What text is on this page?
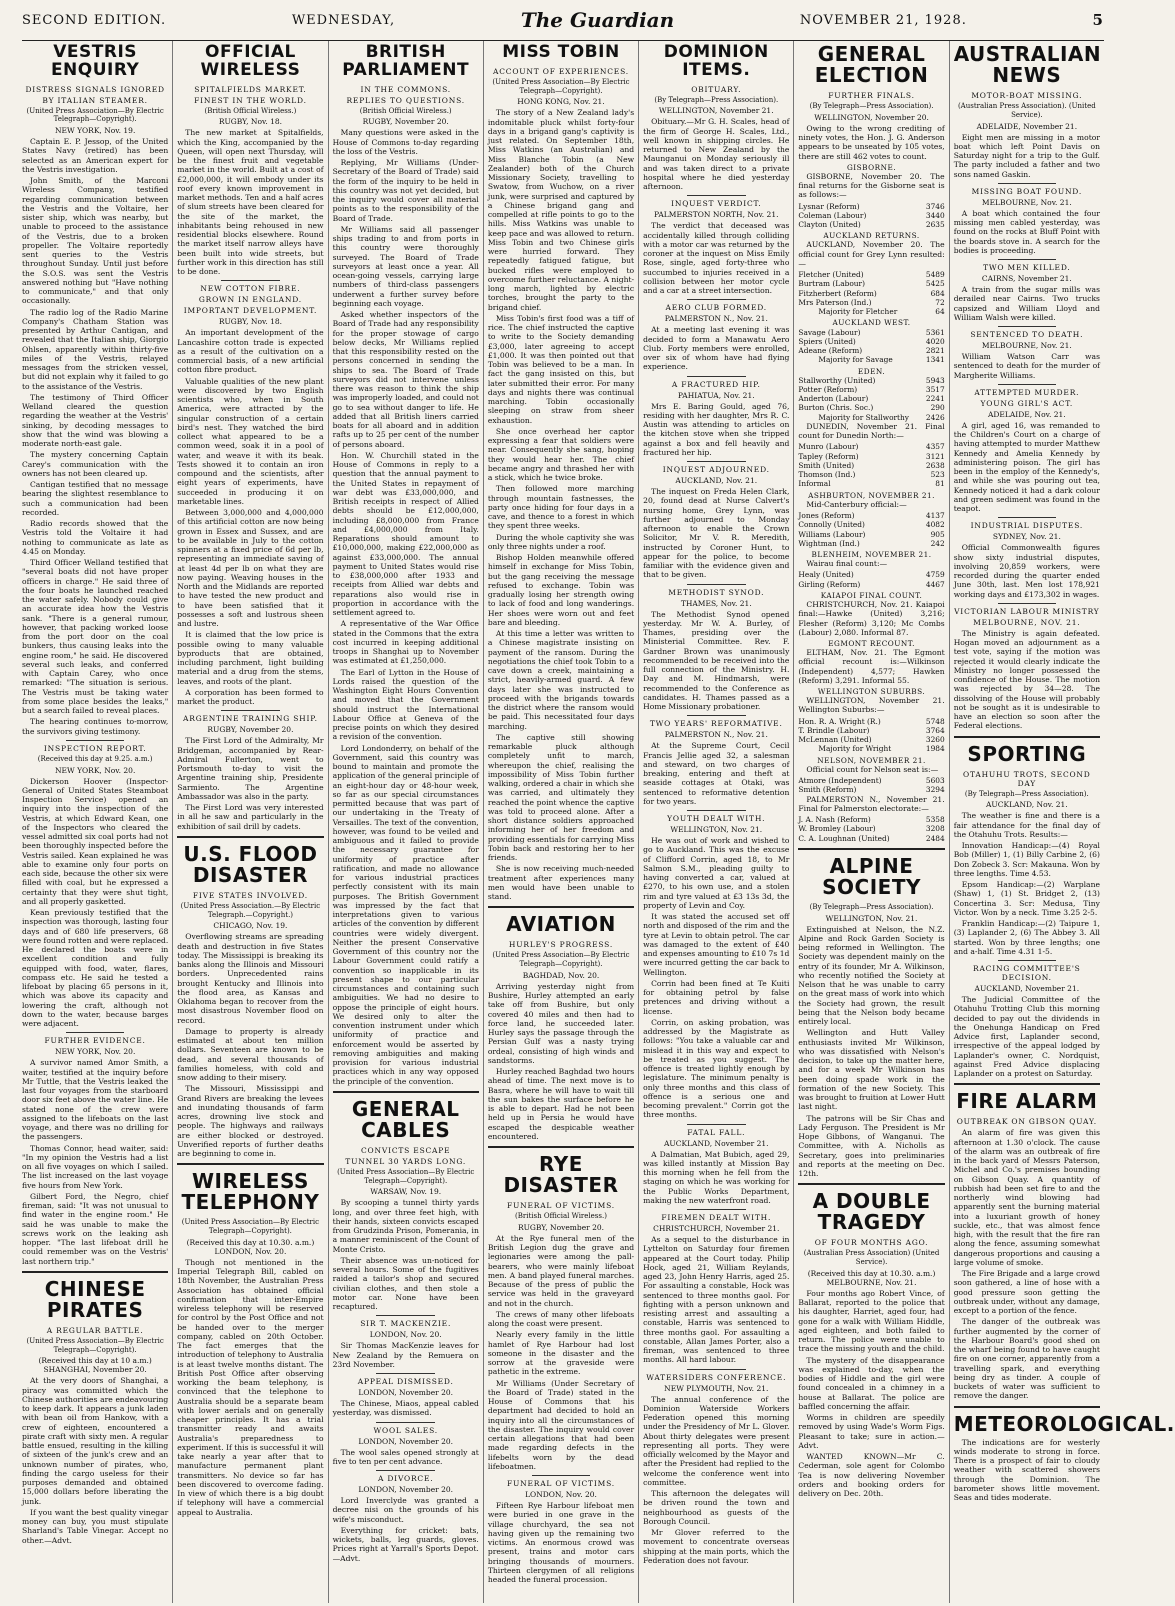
SECOND EDITION.	WEDNESDAY,	The Guardian	NOVEMBER 21, 1928.	5
VESTRIS ENQUIRY
DISTRESS SIGNALS IGNORED
BY ITALIAN STEAMER.
(United Press Association—By Electric Telegraph—Copyright).
NEW YORK, Nov. 19.

Captain E. P. Jessop, of the United States Navy (retired) has been selected as an American expert for the Vestris investigation.

John Smith, of the Marconi Wireless Company, testified regarding communication between the Vestris and the Voltaire, her sister ship, which was nearby, but unable to proceed to the assistance of the Vestris, due to a broken propeller. The Voltaire reportedly sent queries to the Vestris throughout Sunday. Until just before the S.O.S. was sent the Vestris answered nothing but "Have nothing to communicate," and that only occasionally.

The radio log of the Radio Marine Company's Chatham Station was presented by Arthur Cantigan, and revealed that the Italian ship, Giorgio Ohlsen, apparently within thirty-five miles of the Vestris, relayed messages from the stricken vessel, but did not explain why it failed to go to the assistance of the Vestris.

The testimony of Third Officer Welland cleared the question regarding the weather at the Vestris' sinking, by decoding messages to show that the wind was blowing a moderate north-east gale.

The mystery concerning Captain Carey's communication with the owners has not been cleared up.

Cantigan testified that no message bearing the slightest resemblance to such a communication had been recorded.

Radio records showed that the Vestris told the Voltaire it had nothing to communicate as late as 4.45 on Monday.

Third Officer Welland testified that "several boats did not have proper officers in charge." He said three of the four boats he launched reached the water safely. Nobody could give an accurate idea how the Vestris sank. "There is a general rumour, however, that packing worked loose from the port door on the coal bunkers, thus causing leaks into the engine room," he said. He discovered several such leaks, and conferred with Captain Carey, who once remarked: "The situation is serious. The Vestris must be taking water from some place besides the leaks," but a search failed to reveal places.

The hearing continues to-morrow, the survivors giving testimony.

INSPECTION REPORT.
(Received this day at 9.25. a.m.)
NEW YORK, Nov. 20.

Dickerson Hoover (Inspector-General of United States Steamboat Inspection Service) opened an inquiry into the inspection of the Vestris, at which Edward Kean, one of the Inspectors who cleared the vessel admitted six coal ports had not been thoroughly inspected before the Vestris sailed. Kean explained he was able to examine only four ports on each side, because the other six were filled with coal, but he expressed a certainty that they were shut tight, and all properly gasketted.

Kean previously testified that the inspection was thorough, lasting four days and of 680 life preservers, 68 were found rotten and were replaced. He declared the boats were in excellent condition and fully equipped with food, water, flares, compass etc. He said he tested a lifeboat by placing 65 persons in it, which was above its capacity and lowering the craft, although not down to the water, because barges were adjacent.

FURTHER EVIDENCE.
NEW YORK, Nov. 20.

A survivor named Amor Smith, a waiter, testified at the inquiry before Mr Tuttle, that the Vestris leaked the last four voyages from the starboard door six feet above the water line. He stated none of the crew were assigned to the lifeboats on the last voyage, and there was no drilling for the passengers.

Thomas Connor, head waiter, said: "In my opinion the Vestris had a list on all five voyages on which I sailed. The list increased on the last voyage five hours from New York.

Gilbert Ford, the Negro, chief fireman, said: "It was not unusual to find water in the engine room." He said he was unable to make the screws work on the leaking ash hopper. "The last lifeboat drill he could remember was on the Vestris' last northern trip."

CHINESE PIRATES
A REGULAR BATTLE.
(United Press Association—By Electric Telegraph—Copyright).
(Received this day at 10 a.m.) SHANGHAI, November 20.

At the very doors of Shanghai, a piracy was committed which the Chinese authorities are endeavouring to keep dark. It appears a junk laden with bean oil from Hankow, with a crew of eighteen, encountered a pirate craft with sixty men. A regular battle ensued, resulting in the killing of sixteen of the junk's crew and an unknown number of pirates, who, finding the cargo useless for their purposes demanded and obtained 15,000 dollars before liberating the junk.

If you want the best quality vinegar money can buy, you must stipulate Sharland's Table Vinegar. Accept no other.—Advt.

OFFICIAL WIRELESS
SPITALFIELDS MARKET.
FINEST IN THE WORLD.
(British Official Wireless.)
RUGBY, Nov. 18.

The new market at Spitalfields, which the King, accompanied by the Queen, will open next Thursday, will be the finest fruit and vegetable market in the world. Built at a cost of £2,000,000, it will embody under its roof every known improvement in market methods. Ten and a half acres of slum streets have been cleared for the site of the market, the inhabitants being rehoused in new residential blocks elsewhere. Round the market itself narrow alleys have been built into wide streets, but further work in this direction has still to be done.

NEW COTTON FIBRE.
GROWN IN ENGLAND.
IMPORTANT DEVELOPMENT.
RUGBY, Nov. 18.

An important development of the Lancashire cotton trade is expected as a result of the cultivation on a commercial basis, of a new artificial cotton fibre product.

Valuable qualities of the new plant were discovered by two English scientists who, when in South America, were attracted by the singular construction of a certain bird's nest. They watched the bird collect what appeared to be a common weed, soak it in a pool of water, and weave it with its beak. Tests showed it to contain an iron compound and the scientists, after eight years of experiments, have succeeded in producing it on marketable lines.

Between 3,000,000 and 4,000,000 of this artificial cotton are now being grown in Essex and Sussex, and are to be available in July to the cotton spinners at a fixed price of 6d per lb, representing an immediate saving of at least 4d per lb on what they are now paying. Weaving houses in the North and the Midlands are reported to have tested the new product and to have been satisfied that it possesses a soft and lustrous sheen and lustre.

It is claimed that the low price is possible owing to many valuable byproducts that are obtained, including parchment, light building material and a drug from the stems, leaves, and roots of the plant.

A corporation has been formed to market the product.

ARGENTINE TRAINING SHIP.
RUGBY, November 20.

The First Lord of the Admiralty, Mr Bridgeman, accompanied by Rear-Admiral Fullerton, went to Portsmouth to-day to visit the Argentine training ship, Presidente Sarmiento. The Argentine Ambassador was also in the party.

The First Lord was very interested in all he saw and particularly in the exhibition of sail drill by cadets.

U.S. FLOOD DISASTER
FIVE STATES INVOLVED.
(United Press Association.—By Electric Telegraph.—Copyright.)
CHICAGO, Nov. 19.

Overflowing streams are spreading death and destruction in five States today. The Mississippi is breaking its banks along the Illinois and Missouri borders. Unprecedented rains brought Kentucky and Illinois into the flood area, as Kansas and Oklahoma began to recover from the most disastrous November flood on record.

Damage to property is already estimated at about ten million dollars. Seventeen are known to be dead, and several thousands of families homeless, with cold and snow adding to their misery.

The Missouri, Mississippi and Grand Rivers are breaking the levees and inundating thousands of farm acres, drowning live stock and people. The highways and railways are either blocked or destroyed. Unverified reports of further deaths are beginning to come in.

WIRELESS TELEPHONY
(United Press Association—By Electric Telegraph—Copyright).
(Received this day at 10.30. a.m.) LONDON, Nov. 20.

Though not mentioned in the Imperial Telegraph Bill, cabled on 18th November, the Australian Press Association has obtained official confirmation that inter-Empire wireless telephony will be reserved for control by the Post Office and not be handed over to the merger company, cabled on 20th October. The fact emerges that the introduction of telephony to Australia is at least twelve months distant. The British Post Office after observing working the beam telephony, is convinced that the telephone to Australia should be a separate beam with lower aerials and on generally cheaper principles. It has a trial transmitter ready and awaits Australia's preparedness to experiment. If this is successful it will take nearly a year after that to manufacture permanent plant transmitters. No device so far has been discovered to overcome fading. In view of which there is a big doubt if telephony will have a commercial appeal to Australia.

BRITISH PARLIAMENT
IN THE COMMONS.
REPLIES TO QUESTIONS.
(British Official Wireless.)
RUGBY, November 20.

Many questions were asked in the House of Commons to-day regarding the loss of the Vestris.

Replying, Mr Williams (Under-Secretary of the Board of Trade) said the form of the inquiry to be held in this country was not yet decided, but the inquiry would cover all material points as to the responsibility of the Board of Trade.

Mr Williams said all passenger ships trading to and from ports in this country were thoroughly surveyed. The Board of Trade surveyors at least once a year. All ocean-going vessels, carrying large numbers of third-class passengers underwent a further survey before beginning each voyage.

Asked whether inspectors of the Board of Trade had any responsibility for the proper stowage of cargo below decks, Mr Williams replied that this responsibility rested on the persons concerned in sending the ships to sea. The Board of Trade surveyors did not intervene unless there was reason to think the ship was improperly loaded, and could not go to sea without danger to life. He added that all British liners carried boats for all aboard and in addition rafts up to 25 per cent of the number of persons aboard.

Hon. W. Churchill stated in the House of Commons in reply to a question that the annual payment to the United States in repayment of war debt was £33,000,000, and British receipts in respect of Allied debts should be £12,000,000, including £8,000,000 from France and £4,000,000 from Italy. Reparations should amount to £10,000,000, making £22,000,000 as against £33,000,000. The annual payment to United States would rise to £38,000,000 after 1933 and receipts from Allied war debts and reparations also would rise in proportion in accordance with the settlement agreed to.

A representative of the War Office stated in the Commons that the extra cost incurred in keeping additional troops in Shanghai up to November was estimated at £1,250,000.

The Earl of Lytton in the House of Lords raised the question of the Washington Eight Hours Convention and moved that the Government should instruct the International Labour Office at Geneva of the precise points on which they desired a revision of the convention.

Lord Londonderry, on behalf of the Government, said this country was bound to maintain and promote the application of the general principle of an eight-hour day or 48-hour week, so far as our special circumstances permitted because that was part of our undertaking in the Treaty of Versailles. The text of the convention, however, was found to be veiled and ambiguous and it failed to provide the necessary guarantee for uniformity of practice after ratification, and made no allowance for various industrial practices perfectly consistent with its main purposes. The British Government was impressed by the fact that interpretations given to various articles of the convention by different countries were widely divergent. Neither the present Conservative Government of this country nor the Labour Government could ratify a convention so inapplicable in its present shape to our particular circumstances and containing such ambiguities. We had no desire to oppose the principle of eight hours. We desired only to alter the convention instrument under which uniformity of practice and enforcement would be asserted by removing ambiguities and making provision for various industrial practices which in any way opposed the principle of the convention.

GENERAL CABLES
CONVICTS ESCAPE
TUNNEL 30 YARDS LONG.
(United Press Association—By Electric Telegraph—Copyright).
WARSAW, Nov. 19.

By scooping a tunnel thirty yards long, and over three feet high, with their hands, sixteen convicts escaped from Grudzinda Prison, Pomerania, in a manner reminiscent of the Count of Monte Cristo.

Their absence was un-noticed for several hours. Some of the fugitives raided a tailor's shop and secured civilian clothes, and then stole a motor car. None have been recaptured.

SIR T. MACKENZIE.
LONDON, Nov. 20.

Sir Thomas MacKenzie leaves for New Zealand by the Remuera on 23rd November.

APPEAL DISMISSED.
LONDON, November 20.

The Chinese, Miaos, appeal cabled yesterday, was dismissed.

WOOL SALES.
LONDON, November 20.

The wool sales opened strongly at five to ten per cent advance.

A DIVORCE.
LONDON, November 20.

Lord Inverclyde was granted a decree nisi on the grounds of his wife's misconduct.

Everything for cricket: bats, wickets, balls, leg guards, gloves. Prices right at Yarrall's Sports Depot.—Advt.

MISS TOBIN
ACCOUNT OF EXPERIENCES.
(United Press Association—By Electric Telegraph—Copyright).
HONG KONG, Nov. 21.

The story of a New Zealand lady's indomitable pluck whilst forty-four days in a brigand gang's captivity is just related. On September 18th, Miss Watkins (an Australian) and Miss Blanche Tobin (a New Zealander) both of the Church Missionary Society, travelling to Swatow, from Wuchow, on a river junk, were surprised and captured by a Chinese brigand gang and compelled at rifle points to go to the hills. Miss Watkins was unable to keep pace and was allowed to return. Miss Tobin and two Chinese girls were hurried forward. They repeatedly fatigued fatigue, but bucked rifles were employed to overcome further reluctance. A night-long march, lighted by electric torches, brought the party to the brigand chief.

Miss Tobin's first food was a tiff of rice. The chief instructed the captive to write to the Society demanding £3,000, later agreeing to accept £1,000. It was then pointed out that Tobin was believed to be a man. In fact the gang insisted on this, but later submitted their error. For many days and nights there was continual marching. Tobin occasionally sleeping on straw from sheer exhaustion.

She once overhead her captor expressing a fear that soldiers were near. Consequently she sang, hoping they would hear her. The chief became angry and thrashed her with a stick, which he twice broke.

Then followed more marching through mountain fastnesses, the party once hiding for four days in a cave, and thence to a forest in which they spent three weeks.

During the whole captivity she was only three nights under a roof.

Bishop Holden meanwhile offered himself in exchange for Miss Tobin, but the gang receiving the message refused to exchange. Tobin was gradually losing her strength owing to lack of food and long wanderings. Her shoes were worn out and feet bare and bleeding.

At this time a letter was written to a Chinese magistrate insisting on payment of the ransom. During the negotiations the chief took Tobin to a cave down a creek, maintaining a strict, heavily-armed guard. A few days later she was instructed to proceed with the brigands towards the district where the ransom would be paid. This necessitated four days marching.

The captive still showing remarkable pluck although completely unfit to march, whereupon the chief, realising the impossibility of Miss Tobin further walking, ordered a chair in which she was carried, and ultimately they reached the point whence the captive was told to proceed alone. After a short distance soldiers approached informing her of her freedom and providing essentials for carrying Miss Tobin back and restoring her to her friends.

She is now receiving much-needed treatment after experiences many men would have been unable to stand.

AVIATION
HURLEY'S PROGRESS.
(United Press Association—By Electric Telegraph—Copyright).
BAGHDAD, Nov. 20.

Arriving yesterday night from Bushire, Hurley attempted an early take off from Bushire, but only covered 40 miles and then had to force land, he succeeded later. Hurley says the passage through the Persian Gulf was a nasty trying ordeal, consisting of high winds and sandstorms.

Hurley reached Baghdad two hours ahead of time. The next move is to Basra, where he will have to wait till the sun bakes the surface before he is able to depart. Had he not been held up in Persia he would have escaped the despicable weather encountered.

RYE DISASTER
FUNERAL OF VICTIMS.
(British Official Wireless.)
RUGBY, November 20.

At the Rye funeral men of the British Legion dug the grave and legionaries were among the pall-bearers, who were mainly lifeboat men. A band played funeral marches. Because of the press of public the service was held in the graveyard and not in the church.

The crews of many other lifeboats along the coast were present.

Nearly every family in the little hamlet of Rye Harbour had lost someone in the disaster and the sorrow at the graveside were pathetic in the extreme.

Mr Williams (Under Secretary of the Board of Trade) stated in the House of Commons that his department had decided to hold an inquiry into all the circumstances of the disaster. The inquiry would cover certain allegations that had been made regarding defects in the lifebelts worn by the dead lifeboatmen.

FUNERAL OF VICTIMS.
LONDON, Nov. 20.

Fifteen Rye Harbour lifeboat men were buried in one grave in the village churchyard, the sea not having given up the remaining two victims. An enormous crowd was present, trains and motor cars bringing thousands of mourners. Thirteen clergymen of all religions headed the funeral procession.

DOMINION ITEMS.
OBITUARY.
(By Telegraph—Press Association).
WELLINGTON, November 21.

Obituary.—Mr G. H. Scales, head of the firm of George H. Scales, Ltd., well known in shipping circles. He returned to New Zealand by the Maunganui on Monday seriously ill and was taken direct to a private hospital where he died yesterday afternoon.

INQUEST VERDICT.
PALMERSTON NORTH, Nov. 21.

The verdict that deceased was accidentally killed through colliding with a motor car was returned by the coroner at the inquest on Miss Emily Rose, single, aged forty-three who succumbed to injuries received in a collision between her motor cycle and a car at a street intersection.

AERO CLUB FORMED.
PALMERSTON N., Nov. 21.

At a meeting last evening it was decided to form a Manawatu Aero Club. Forty members were enrolled, over six of whom have had flying experience.

A FRACTURED HIP.
PAHIATUA, Nov. 21.

Mrs E. Baring Gould, aged 76, residing with her daughter, Mrs R. C. Austin was attending to articles on the kitchen stove when she tripped against a box and fell heavily and fractured her hip.

INQUEST ADJOURNED.
AUCKLAND, Nov. 21.

The inquest on Freda Helen Clark, 20, found dead at Nurse Calvert's nursing home, Grey Lynn, was further adjourned to Monday afternoon to enable the Crown Solicitor, Mr V. R. Meredith, instructed by Coroner Hunt, to appear for the police, to become familiar with the evidence given and that to be given.

METHODIST SYNOD.
THAMES, Nov. 21.

The Methodist Synod opened yesterday. Mr W. A. Burley, of Thames, presiding over the Ministerial Committee. Rev. F. Gardner Brown was unanimously recommended to be received into the full connection of the Ministry. H. Day and M. Hindmarsh, were recommended to the Conference as candidates. H. Thames passed as a Home Missionary probationer.

TWO YEARS' REFORMATIVE.
PALMERSTON N., Nov. 21.

At the Supreme Court, Cecil Francis Jellie aged 32, a salesman and steward, on two charges of breaking, entering and theft at seaside cottages at Otaki, was sentenced to reformative detention for two years.

YOUTH DEALT WITH.
WELLINGTON, Nov. 21.

He was out of work and wished to go to Auckland. This was the excuse of Clifford Corrin, aged 18, to Mr Salmon S.M., pleading guilty to having converted a car, valued at £270, to his own use, and a stolen rim and tyre valued at £3 13s 3d, the property of Levin and Coy.

It was stated the accused set off north and disposed of the rim and the tyre at Levin to obtain petrol. The car was damaged to the extent of £40 and expenses amounting to £10 7s 1d were incurred getting the car back to Wellington.

Corrin had been fined at Te Kuiti for obtaining petrol by false pretences and driving without a license.

Corrin, on asking probation, was addressed by the Magistrate as follows: "You take a valuable car and mislead it in this way and expect to be treated as you suggest. The offence is treated lightly enough by legislature. The minimum penalty is only three months and this class of offence is a serious one and becoming prevalent." Corrin got the three months.

FATAL FALL.
AUCKLAND, November 21.

A Dalmatian, Mat Bubich, aged 29, was killed instantly at Mission Bay this morning when he fell from the staging on which he was working for the Public Works Department, making the new waterfront road.

FIREMEN DEALT WITH.
CHRISTCHURCH, November 21.

As a sequel to the disturbance in Lyttelton on Saturday four firemen appeared at the Court today. Philip Hock, aged 21, William Reylands, aged 23, John Henry Harris, aged 25. For assaulting a constable, Hock was sentenced to three months gaol. For fighting with a person unknown and resisting arrest and assaulting a constable, Harris was sentenced to three months gaol. For assaulting a constable, Allan James Porter, also a fireman, was sentenced to three months. All hard labour.

WATERSIDERS CONFERENCE.
NEW PLYMOUTH, Nov. 21.

The annual conference of the Dominion Waterside Workers Federation opened this morning under the Presidency of Mr L. Glover. About thirty delegates were present representing all ports. They were officially welcomed by the Mayor and after the President had replied to the welcome the conference went into committee.

This afternoon the delegates will be driven round the town and neighbourhood as guests of the Borough Council.

Mr Glover referred to the movement to concentrate overseas shipping at the main ports, which the Federation does not favour.

GENERAL ELECTION
FURTHER FINALS.
(By Telegraph—Press Association).
WELLINGTON, November 20.

Owing to the wrong crediting of ninety votes, the Hon. J. G. Anderson appears to be unseated by 105 votes, there are still 462 votes to count.

GISBORNE.
GISBORNE, November 20. The final returns for the Gisborne seat is as follows:—
Lysnar (Reform)	3746
Coleman (Labour)	3440
Clayton (United)	2635
AUCKLAND RETURNS.
AUCKLAND, November 20. The official count for Grey Lynn resulted:—
Fletcher (United)	5489
Burtram (Labour)	5425
Fitzherbert (Reform)	684
Mrs Paterson (Ind.)	72
Majority for Fletcher	64
AUCKLAND WEST.
Savage (Labour)	5361
Spiers (United)	4020
Adeane (Reform)	2821
Majority for Savage	1341
EDEN.
Stallworthy (United)	5943
Potter (Reform)	3517
Anderton (Labour)	2241
Burton (Chris. Soc.)	290
Majority for Stallworthy 2426
DUNEDIN, November 21. Final count for Dunedin North:—
Munro (Labour)	4357
Tapley (Reform)	3121
Smith (United)	2638
Thomson (Ind.)	523
Informal	81
ASHBURTON, NOVEMBER 21.
Mid-Canterbury official:—
Jones (Reform)	4137
Connolly (United)	4082
Williams (Labour)	905
Wightman (Ind.)	242
BLENHEIM, NOVEMBER 21.
Wairau final count:—
Healy (United)	4759
Girling (Reform)	4467
KAIAPOI FINAL COUNT.
CHRISTCHURCH, Nov. 21. Kaiapoi final:—Hawke (United) 3,216; Flesher (Reform) 3,120; Mc Combs (Labour) 2,080. Informal 87.
EGMONT RECOUNT.
ELTHAM, Nov. 21. The Egmont official recount is:—Wilkinson (Independent) 4,577; Hawken (Reform) 3,291. Informal 55.
WELLINGTON SUBURBS.
WELLINGTON, November 21. Wellington Suburbs:—
Hon. R. A. Wright (R.)	5748
T. Brindle (Labour)	3764
McLennan (United)	3260
Majority for Wright	1984
NELSON, NOVEMBER 21.
Official count for Nelson seat is:—
Atmore (Independent)	5603
Smith (Reform)	3294
PALMERSTON N., November 21. Final for Palmerston electorate:—
J. A. Nash (Reform)	5358
W. Bromley (Labour)	3208
C. A. Loughnan (United)	2484
ALPINE SOCIETY
(By Telegraph—Press Association).
WELLINGTON, Nov. 21.

Extinguished at Nelson, the N.Z. Alpine and Rock Garden Society is being reformed in Wellington. The Society was dependent mainly on the entry of its founder, Mr A. Wilkinson, who recently notified the Society at Nelson that he was unable to carry on the great mass of work into which the Society had grown, the result being that the Nelson body became entirely local.

Wellington and Hutt Valley enthusiasts invited Mr Wilkinson, who was dissatisfied with Nelson's decision, to take up the matter here, and for a week Mr Wilkinson has been doing spade work in the formation of the new Society. This was brought to fruition at Lower Hutt last night.

The patrons will be Sir Chas and Lady Ferguson. The President is Mr Hope Gibbons, of Wanganui. The Committee, with A. Nicholls as Secretary, goes into preliminaries and reports at the meeting on Dec. 12th.

A DOUBLE TRAGEDY
OF FOUR MONTHS AGO.
(Australian Press Association) (United Service).
(Received this day at 10.30. a.m.) MELBOURNE, Nov. 21.

Four months ago Robert Vince, of Ballarat, reported to the police that his daughter, Harriet, aged four, had gone for a walk with William Hiddle, aged eighteen, and both failed to return. The police were unable to trace the missing youth and the child.

The mystery of the disappearance was explained to-day, when the bodies of Hiddle and the girl were found concealed in a chimney in a house at Ballarat. The police are baffled concerning the affair.

Worms in children are speedily removed by using Wade's Worm Figs. Pleasant to take; sure in action.—Advt.

WANTED KNOWN—Mr C. Cederman, sole agent for Colombo Tea is now delivering November orders and booking orders for delivery on Dec. 20th.

AUSTRALIAN NEWS
MOTOR-BOAT MISSING.
(Australian Press Association). (United Service).
ADELAIDE, November 21.

Eight men are missing in a motor boat which left Point Davis on Saturday night for a trip to the Gulf. The party included a father and two sons named Gaskin.

MISSING BOAT FOUND.
MELBOURNE, Nov. 21.

A boat which contained the four missing men cabled yesterday, was found on the rocks at Bluff Point with the boards stove in. A search for the bodies is proceeding.

TWO MEN KILLED.
CAIRNS, November 21.

A train from the sugar mills was derailed near Cairns. Two trucks capsized and William Lloyd and William Walsh were killed.

SENTENCED TO DEATH.
MELBOURNE, Nov. 21.

William Watson Carr was sentenced to death for the murder of Margherite Williams.

ATTEMPTED MURDER.
YOUNG GIRL'S ACT.
ADELAIDE, Nov. 21.

A girl, aged 16, was remanded to the Children's Court on a charge of having attempted to murder Matthew Kennedy and Amelia Kennedy by administering poison. The girl has been in the employ of the Kennedy's, and while she was pouring out tea, Kennedy noticed it had a dark colour and green sediment was found in the teapot.

INDUSTRIAL DISPUTES.
SYDNEY, Nov. 21.

Official Commonwealth figures show sixty industrial disputes, involving 20,859 workers, were recorded during the quarter ended June 30th, last. Men lost 178,921 working days and £173,302 in wages.

VICTORIAN LABOUR MINISTRY
MELBOURNE, NOV. 21.

The Ministry is again defeated. Hogan moved an adjournment as a test vote, saying if the motion was rejected it would clearly indicate the Ministry no longer possessed the confidence of the House. The motion was rejected by 34—28. The dissolving of the House will probably not be sought as it is undesirable to have an election so soon after the Federal elections.

SPORTING
OTAHUHU TROTS, SECOND DAY
(By Telegraph—Press Association).
AUCKLAND, Nov. 21.

The weather is fine and there is a fair attendance for the final day of the Otahuhu Trots. Results:—

Innovation Handicap:—(4) Royal Bob (Miller) 1, (1) Billy Carbine 2, (6) Don Zobeck 3. Scr: Makauna. Won by three lengths. Time 4.53.

Epsom Handicap:—(2) Warplane (Shaw) 1, (1) St. Bridget 2, (13) Concertina 3. Scr: Medusa, Tiny Victor. Won by a neck. Time 3.25 2-5.

Franklin Handicap:—(2) Taipure 1, (3) Laplander 2, (6) The Abbey 3. All started. Won by three lengths; one and a-half. Time 4.31 1-5.

RACING COMMITTEE'S DECISION.
AUCKLAND, November 21.

The Judicial Committee of the Otahuhu Trotting Club this morning decided to pay out the dividends in the Onehunga Handicap on Fred Advice first, Laplander second, irrespective of the appeal lodged by Laplander's owner, C. Nordquist, against Fred Advice displacing Laplander on a protest on Saturday.

FIRE ALARM
OUTBREAK ON GIBSON QUAY.

An alarm of fire was given this afternoon at 1.30 o'clock. The cause of the alarm was an outbreak of fire in the back yard of Messrs Paterson, Michel and Co.'s premises bounding on Gibson Quay. A quantity of rubbish had been set fire to and the northerly wind blowing had apparently sent the burning material into a luxuriant growth of honey suckle, etc., that was almost fence high, with the result that the fire ran along the fence, assuming somewhat dangerous proportions and causing a large volume of smoke.

The Fire Brigade and a large crowd soon gathered, a line of hose with a good pressure soon getting the outbreak under, without any damage, except to a portion of the fence.

The danger of the outbreak was further augmented by the corner of the Harbour Board's good shed on the wharf being found to have caught fire on one corner, apparently from a travelling spark, and everything being dry as tinder. A couple of buckets of water was sufficient to remove the danger.

METEOROLOGICAL.

The indications are for westerly winds moderate to strong in force. There is a prospect of fair to cloudy weather with scattered showers through the Dominion. The barometer shows little movement. Seas and tides moderate.
